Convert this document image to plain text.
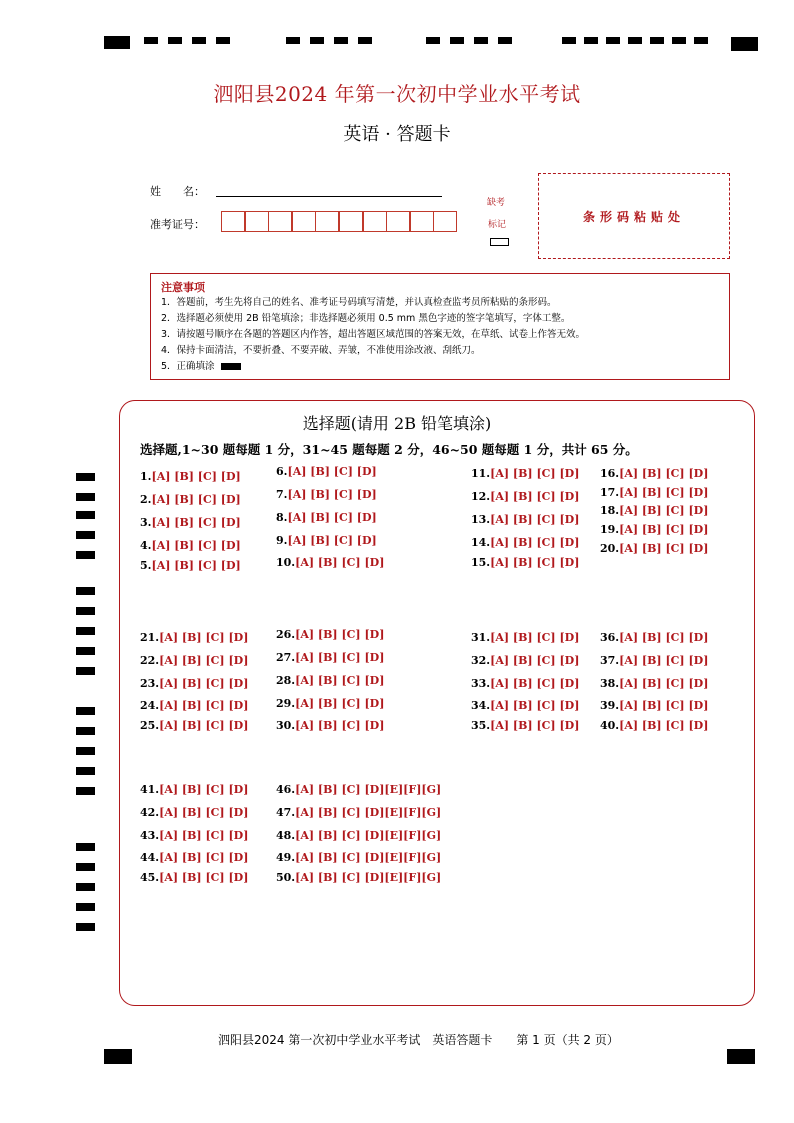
泗阳县2024 年第一次初中学业水平考试
英语 · 答题卡
姓　　名：
准考证号：
缺考
标记
条形码粘贴处
注意事项
1．答题前，考生先将自己的姓名、准考证号码填写清楚，并认真检查监考员所粘贴的条形码。
2．选择题必须使用 2B 铅笔填涂；非选择题必须用 0.5 mm 黑色字迹的签字笔填写，字体工整。
3．请按题号顺序在各题的答题区内作答，超出答题区域范围的答案无效，在草纸、试卷上作答无效。
4．保持卡面清洁，不要折叠、不要弄破、弄皱，不准使用涂改液、刮纸刀。
5．正确填涂
选择题(请用 2B 铅笔填涂)
选择题,1~30 题每题 1 分，31~45 题每题 2 分，46~50 题每题 1 分，共计 65 分。
1.[A] [B] [C] [D]
2.[A] [B] [C] [D]
3.[A] [B] [C] [D]
4.[A] [B] [C] [D]
5.[A] [B] [C] [D]
6.[A] [B] [C] [D]
7.[A] [B] [C] [D]
8.[A] [B] [C] [D]
9.[A] [B] [C] [D]
10.[A] [B] [C] [D]
11.[A] [B] [C] [D]
12.[A] [B] [C] [D]
13.[A] [B] [C] [D]
14.[A] [B] [C] [D]
15.[A] [B] [C] [D]
16.[A] [B] [C] [D]
17.[A] [B] [C] [D]
18.[A] [B] [C] [D]
19.[A] [B] [C] [D]
20.[A] [B] [C] [D]
21.[A] [B] [C] [D]
22.[A] [B] [C] [D]
23.[A] [B] [C] [D]
24.[A] [B] [C] [D]
25.[A] [B] [C] [D]
26.[A] [B] [C] [D]
27.[A] [B] [C] [D]
28.[A] [B] [C] [D]
29.[A] [B] [C] [D]
30.[A] [B] [C] [D]
31.[A] [B] [C] [D]
32.[A] [B] [C] [D]
33.[A] [B] [C] [D]
34.[A] [B] [C] [D]
35.[A] [B] [C] [D]
36.[A] [B] [C] [D]
37.[A] [B] [C] [D]
38.[A] [B] [C] [D]
39.[A] [B] [C] [D]
40.[A] [B] [C] [D]
41.[A] [B] [C] [D]
42.[A] [B] [C] [D]
43.[A] [B] [C] [D]
44.[A] [B] [C] [D]
45.[A] [B] [C] [D]
46.[A] [B] [C] [D][E][F][G]
47.[A] [B] [C] [D][E][F][G]
48.[A] [B] [C] [D][E][F][G]
49.[A] [B] [C] [D][E][F][G]
50.[A] [B] [C] [D][E][F][G]
泗阳县2024 第一次初中学业水平考试　英语答题卡　　第 1 页（共 2 页）
